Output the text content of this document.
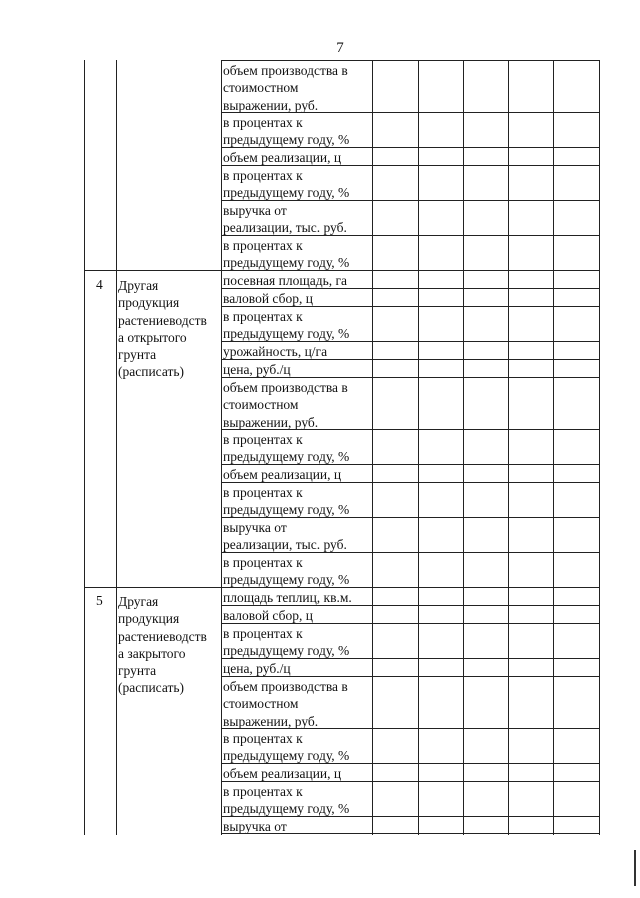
7
4 Другая
продукция
растениеводств
а открытого
грунта
(расписать)
5 Другая
продукция
растениеводств
а закрытого
грунта
(расписать)
объем производства в
стоимостном
выражении, руб.
в процентах к
предыдущему году, %
объем реализации, ц
в процентах к
предыдущему году, %
выручка от
реализации, тыс. руб.
в процентах к
предыдущему году, %
посевная площадь, га
валовой сбор, ц
в процентах к
предыдущему году, %
урожайность, ц/га
цена, руб./ц
объем производства в
стоимостном
выражении, руб.
в процентах к
предыдущему году, %
объем реализации, ц
в процентах к
предыдущему году, %
выручка от
реализации, тыс. руб.
в процентах к
предыдущему году, %
площадь теплиц, кв.м.
валовой сбор, ц
в процентах к
предыдущему году, %
цена, руб./ц
объем производства в
стоимостном
выражении, руб.
в процентах к
предыдущему году, %
объем реализации, ц
в процентах к
предыдущему году, %
выручка от
